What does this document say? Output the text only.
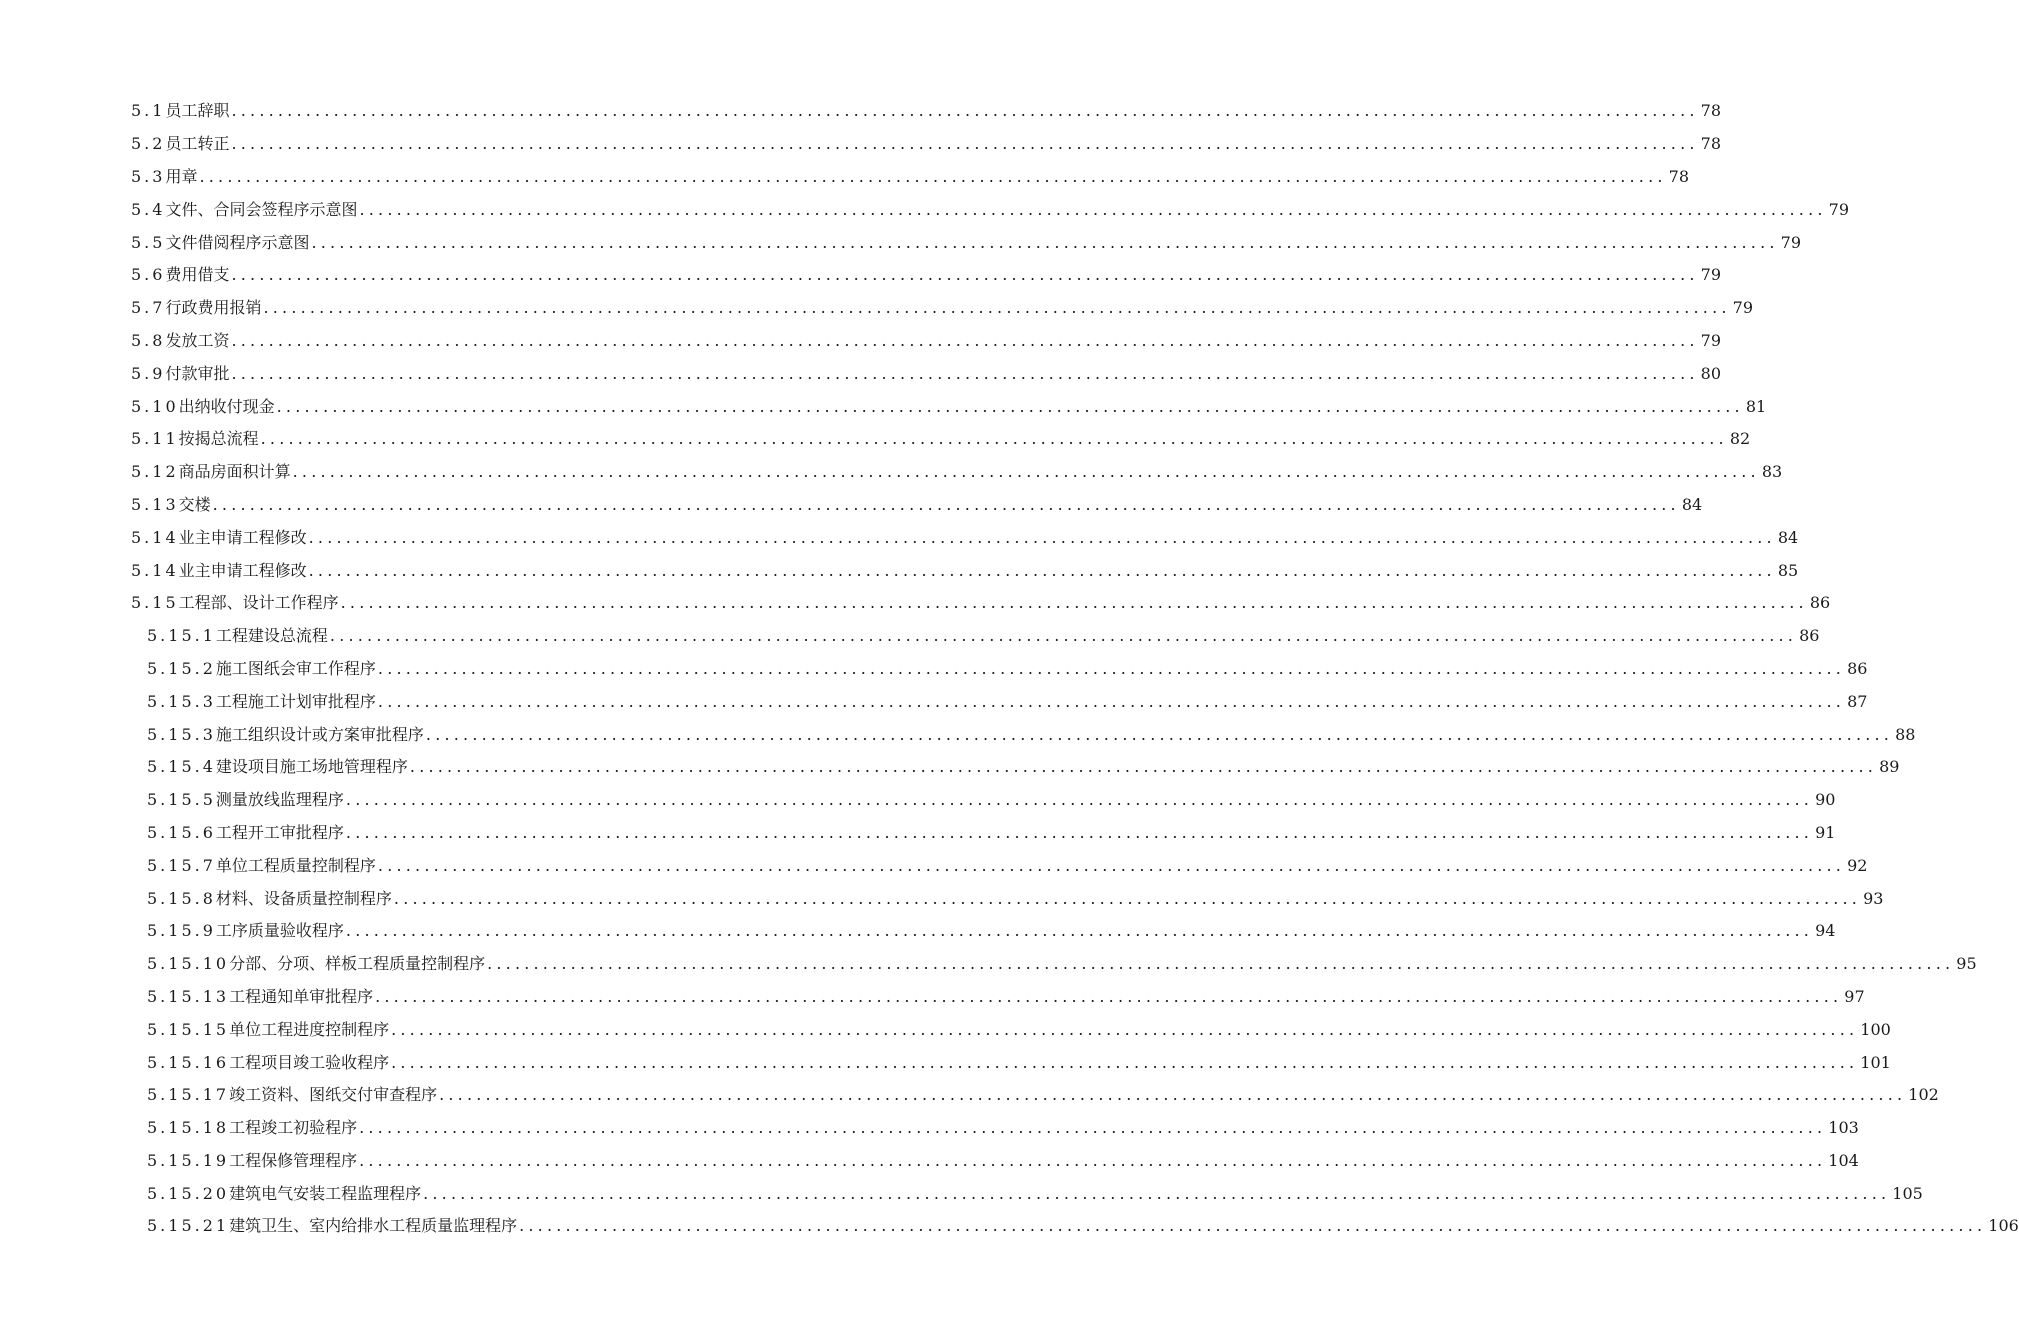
5.1 员工辞职 .............................................................................................................................................................. 78
5.2 员工转正 .............................................................................................................................................................. 78
5.3 用章 .............................................................................................................................................................. 78
5.4 文件、合同会签程序示意图 .............................................................................................................................................................. 79
5.5 文件借阅程序示意图 .............................................................................................................................................................. 79
5.6 费用借支 .............................................................................................................................................................. 79
5.7 行政费用报销 .............................................................................................................................................................. 79
5.8 发放工资 .............................................................................................................................................................. 79
5.9 付款审批 .............................................................................................................................................................. 80
5.10 出纳收付现金 .............................................................................................................................................................. 81
5.11 按揭总流程 .............................................................................................................................................................. 82
5.12 商品房面积计算 .............................................................................................................................................................. 83
5.13 交楼 .............................................................................................................................................................. 84
5.14 业主申请工程修改 .............................................................................................................................................................. 84
5.14 业主申请工程修改 .............................................................................................................................................................. 85
5.15 工程部、设计工作程序 .............................................................................................................................................................. 86
5.15.1 工程建设总流程 .............................................................................................................................................................. 86
5.15.2 施工图纸会审工作程序 .............................................................................................................................................................. 86
5.15.3 工程施工计划审批程序 .............................................................................................................................................................. 87
5.15.3 施工组织设计或方案审批程序 .............................................................................................................................................................. 88
5.15.4 建设项目施工场地管理程序 .............................................................................................................................................................. 89
5.15.5 测量放线监理程序 .............................................................................................................................................................. 90
5.15.6 工程开工审批程序 .............................................................................................................................................................. 91
5.15.7 单位工程质量控制程序 .............................................................................................................................................................. 92
5.15.8 材料、设备质量控制程序 .............................................................................................................................................................. 93
5.15.9 工序质量验收程序 .............................................................................................................................................................. 94
5.15.10 分部、分项、样板工程质量控制程序 .............................................................................................................................................................. 95
5.15.13 工程通知单审批程序 .............................................................................................................................................................. 97
5.15.15 单位工程进度控制程序 .............................................................................................................................................................. 100
5.15.16 工程项目竣工验收程序 .............................................................................................................................................................. 101
5.15.17 竣工资料、图纸交付审查程序 .............................................................................................................................................................. 102
5.15.18 工程竣工初验程序 .............................................................................................................................................................. 103
5.15.19 工程保修管理程序 .............................................................................................................................................................. 104
5.15.20 建筑电气安装工程监理程序 .............................................................................................................................................................. 105
5.15.21 建筑卫生、室内给排水工程质量监理程序 .............................................................................................................................................................. 106
